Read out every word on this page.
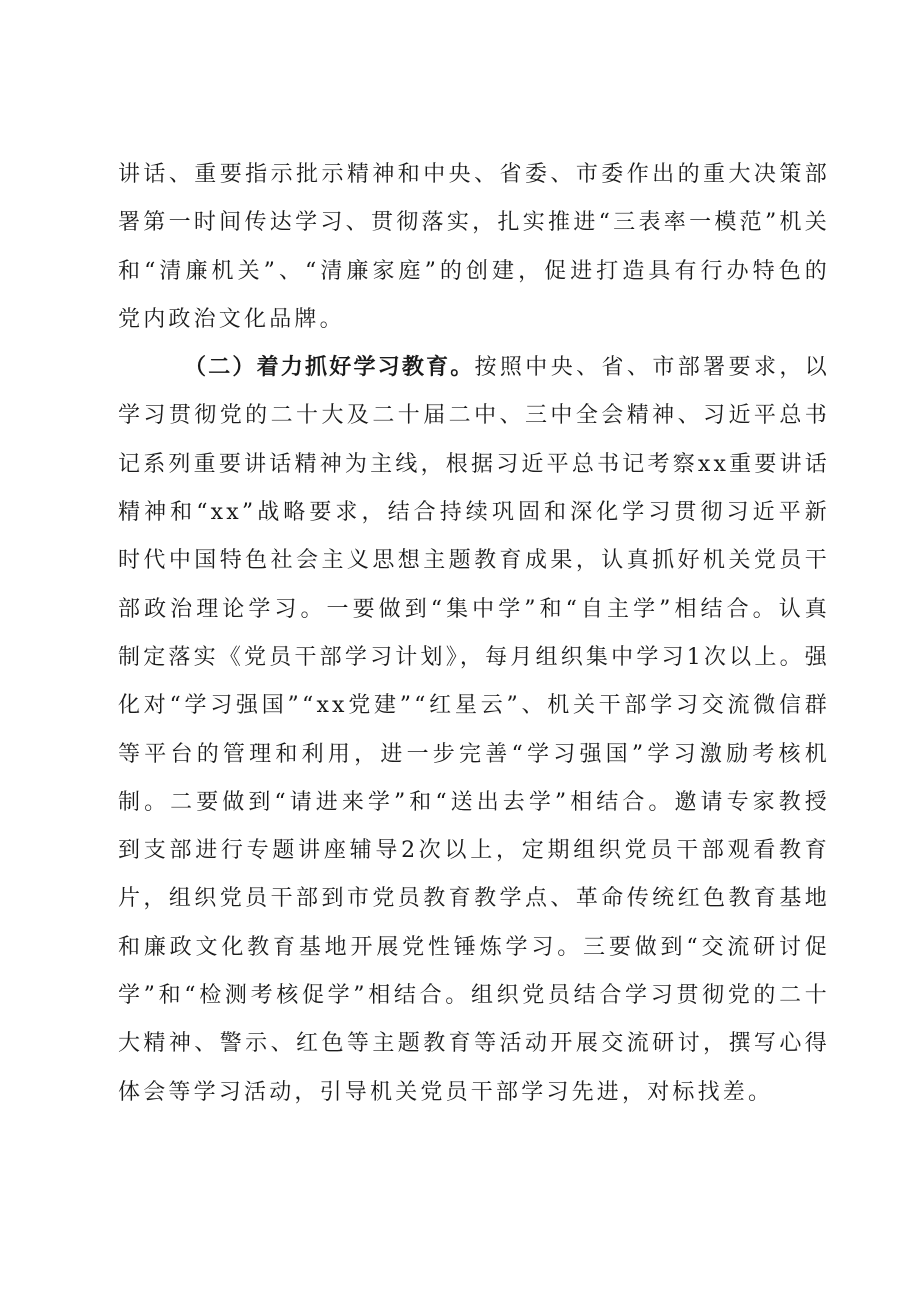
讲话、重要指示批示精神和中央、省委、市委作出的重大决策部署第一时间传达学习、贯彻落实，扎实推进“三表率一模范”机关和“清廉机关”、“清廉家庭”的创建，促进打造具有行办特色的党内政治文化品牌。

（二）着力抓好学习教育。按照中央、省、市部署要求，以学习贯彻党的二十大及二十届二中、三中全会精神、习近平总书记系列重要讲话精神为主线，根据习近平总书记考察xx重要讲话精神和“xx”战略要求，结合持续巩固和深化学习贯彻习近平新时代中国特色社会主义思想主题教育成果，认真抓好机关党员干部政治理论学习。一要做到“集中学”和“自主学”相结合。认真制定落实《党员干部学习计划》，每月组织集中学习1次以上。强化对“学习强国”“xx党建”“红星云”、机关干部学习交流微信群等平台的管理和利用，进一步完善“学习强国”学习激励考核机制。二要做到“请进来学”和“送出去学”相结合。邀请专家教授到支部进行专题讲座辅导2次以上，定期组织党员干部观看教育片，组织党员干部到市党员教育教学点、革命传统红色教育基地和廉政文化教育基地开展党性锤炼学习。三要做到“交流研讨促学”和“检测考核促学”相结合。组织党员结合学习贯彻党的二十大精神、警示、红色等主题教育等活动开展交流研讨，撰写心得体会等学习活动，引导机关党员干部学习先进，对标找差。
